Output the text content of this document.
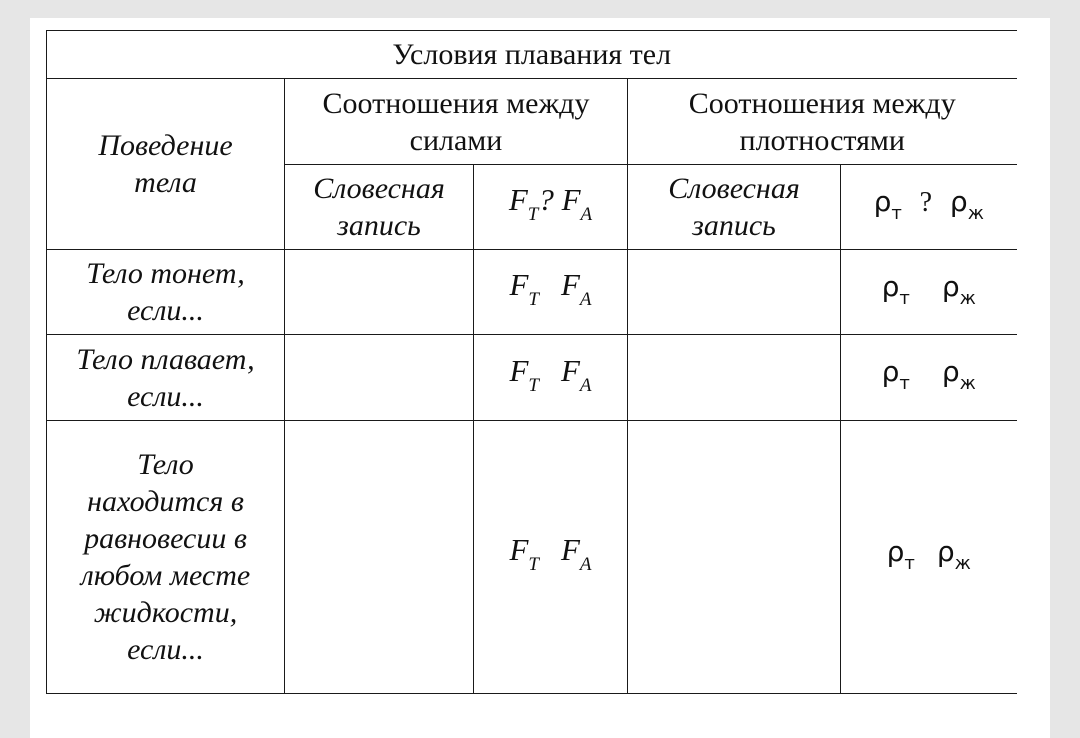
Условия плавания тел				
Поведение тела	Соотношения между силами		Соотношения между плотностями	
	Словесная запись	$F_Т$? $F_А$	Словесная запись	$\rho_т$ ? $\rho_ж$
Тело тонет, если...		$F_Т$ $F_А$		$\rho_т$ $\rho_ж$
Тело плавает, если...		$F_Т$ $F_А$		$\rho_т$ $\rho_ж$
Тело находится в равновесии в любом месте жидкости, если...		$F_Т$ $F_А$		$\rho_т$ $\rho_ж$
